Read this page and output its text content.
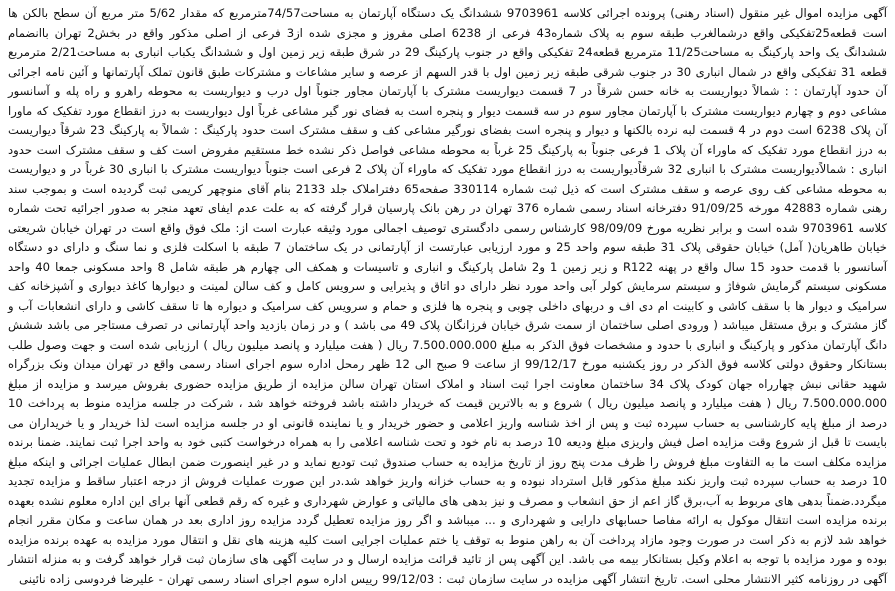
آگهی مزایده اموال غیر منقول (اسناد رهنی) پرونده اجرائی کلاسه 9703961 ششدانگ یک دستگاه آپارتمان به مساحت74/57مترمربع که مقدار 5/62 متر مربع آن سطح بالکن ها است قطعه25تفکیکی واقع درشمالغرب طبقه سوم به پلاک شماره43 فرعی از 6238 اصلی مفروز و مجزی شده از3 فرعی از اصلی مذکور واقع در بخش2 تهران باانضمام ششدانگ یک واحد پارکینگ به مساحت11/25 مترمربع قطعه24 تفکیکی واقع در جنوب پارکینگ 29 در شرق طبقه زیر زمین اول و ششدانگ یکباب انباری به مساحت2/21 مترمربع قطعه 31 تفکیکی واقع در شمال انباری 30 در جنوب شرقی طبقه زیر زمین اول با قدر السهم از عرصه و سایر مشاعات و مشترکات طبق قانون تملک آپارتمانها و آئین نامه اجرائی آن حدود آپارتمان : : شمالاً دیواریست به خانه حسن شرقاً در 7 قسمت دیواریست مشترک با آپارتمان مجاور جنوباً اول درب و دیواریست به محوطه راهرو و راه پله و آسانسور مشاعی دوم و چهارم دیواریست مشترک با آپارتمان مجاور سوم در سه قسمت دیوار و پنجره است به فضای نور گیر مشاعی غرباً اول دیواریست به درز انقطاع مورد تفکیک که ماورا آن پلاک 6238 است دوم در 4 قسمت لبه نرده بالکنها و دیوار و پنجره است بفضای نورگیر مشاعی کف و سقف مشترک است حدود پارکینگ : شمالاً به پارکینگ 23 شرقاً دیواریست به درز انقطاع مورد تفکیک که ماوراء آن پلاک 1 فرعی جنوباً به پارکینگ 25 غرباً به محوطه مشاعی فواصل ذکر نشده خط مستقیم مفروض است کف و سقف مشترک است حدود انباری : شمالاًدیواریست مشترک با انباری 32 شرقاًدیواریست به درز انقطاع مورد تفکیک که ماوراء آن پلاک 2 فرعی است جنوباً دیواریست مشترک با انباری 30 غرباً در و دیواریست به محوطه مشاعی کف روی عرصه و سقف مشترک است که ذیل ثبت شماره 330114 صفحه65 دفتراملاک جلد 2133 بنام آقای منوچهر کریمی ثبت گردیده است و بموجب سند رهنی شماره 42883 مورخه 91/09/25 دفترخانه اسناد رسمی شماره 376 تهران در رهن بانک پارسیان قرار گرفته که به علت عدم ایفای تعهد منجر به صدور اجرائیه تحت شماره کلاسه 9703961 شده است و برابر نظریه مورخ 98/09/09 کارشناس رسمی دادگستری توصیف اجمالی مورد وثیقه عبارت است از: ملک فوق واقع است در تهران خیابان شریعتی خیابان طاهریان( آمل) خیابان حقوقی پلاک 31 طبقه سوم واحد 25 و مورد ارزیابی عبارتست از آپارتمانی در یک ساختمان 7 طبقه با اسکلت فلزی و نما سنگ و دارای دو دستگاه آسانسور با قدمت حدود 15 سال واقع در پهنه R122 و زیر زمین 1 و2 شامل پارکینگ و انباری و تاسیسات و همکف الی چهارم هر طبقه شامل 8 واحد مسکونی جمعا 40 واحد مسکونی سیستم گرمایش شوفاژ و سیستم سرمایش کولر آبی واحد مورد نظر دارای دو اتاق و پذیرایی و سرویس کامل و کف سالن لمینت و دیوارها کاغذ دیواری و آشپزخانه کف سرامیک و دیوار ها با سقف کاشی و کابینت ام دی اف و دربهای داخلی چوبی و پنجره ها فلزی و حمام و سرویس کف سرامیک و دیواره ها تا سقف کاشی و دارای انشعابات آب و گاز مشترک و برق مستقل میباشد ( ورودی اصلی ساختمان از سمت شرق خیابان فرزانگان پلاک 49 می باشد ) و در زمان بازدید واحد آپارتمانی در تصرف مستاجر می باشد ششش دانگ آپارتمان مذکور و پارکینگ و انباری با حدود و مشخصات فوق الذکر به مبلغ 7.500.000.000 ریال ( هفت میلیارد و پانصد میلیون ریال ) ارزیابی شده است و جهت وصول طلب بستانکار وحقوق دولتی کلاسه فوق الذکر در روز یکشنبه مورخ 99/12/17 از ساعت 9 صبح الی 12 ظهر رمحل اداره سوم اجرای اسناد رسمی واقع در تهران میدان ونک بزرگراه شهید حقانی نبش چهارراه جهان کودک پلاک 34 ساختمان معاونت اجرا ثبت اسناد و املاک استان تهران سالن مزایده از طریق مزایده حضوری بفروش میرسد و مزایده از مبلغ 7.500.000.000 ریال ( هفت میلیارد و پانصد میلیون ریال ) شروع و به بالاترین قیمت که خریدار داشته باشد فروخته خواهد شد ، شرکت در جلسه مزایده منوط به پرداخت 10 درصد از مبلغ پایه کارشناسی به حساب سپرده ثبت و پس از اخذ شناسه واریز اعلامی و حضور خریدار و یا نماینده قانونی او در جلسه مزایده است لذا خریدار و یا خریداران می بایست تا قبل از شروع وقت مزایده اصل فیش واریزی مبلغ ودیعه 10 درصد به نام خود و تحت شناسه اعلامی را به همراه درخواست کتبی خود به واحد اجرا ثبت نمایند. ضمنا برنده مزایده مکلف است ما به التفاوت مبلغ فروش را ظرف مدت پنج روز از تاریخ مزایده به حساب صندوق ثبت تودیع نماید و در غیر اینصورت ضمن ابطال عملیات اجرائی و اینکه مبلغ 10 درصد به حساب سپرده ثبت واریز نکند مبلغ مذکور قابل استرداد نبوده و به حساب خزانه واریز خواهد شد.در این صورت عملیات فروش از درجه اعتبار ساقط و مزایده تجدید میگردد.ضمناً بدهی های مربوط به آب،برق گاز اعم از حق انشعاب و مصرف و نیز بدهی های مالیاتی و عوارض شهرداری و غیره که رقم قطعی آنها برای این اداره معلوم نشده بعهده برنده مزایده است انتقال موکول به ارائه مفاصا حسابهای دارایی و شهرداری و ... میباشد و اگر روز مزایده تعطیل گردد مزایده روز اداری بعد در همان ساعت و مکان مقرر انجام خواهد شد لازم به ذکر است در صورت وجود مازاد پرداخت آن به راهن منوط به توقف یا ختم عملیات اجرایی است کلیه هزینه های نقل و انتقال مورد مزایده به عهده برنده مزایده بوده و مورد مزایده با توجه به اعلام وکیل بستانکار بیمه می باشد. این آگهی پس از تائید قرائت مزایده ارسال و در سایت آگهی های سازمان ثبت قرار خواهد گرفت و به منزله انتشار آگهی در روزنامه کثیر الانتشار محلی است. تاریخ انتشار آگهی مزایده در سایت سازمان ثبت : 99/12/03 رییس اداره سوم اجرای اسناد رسمی تهران - علیرضا فردوسی زاده نائینی
